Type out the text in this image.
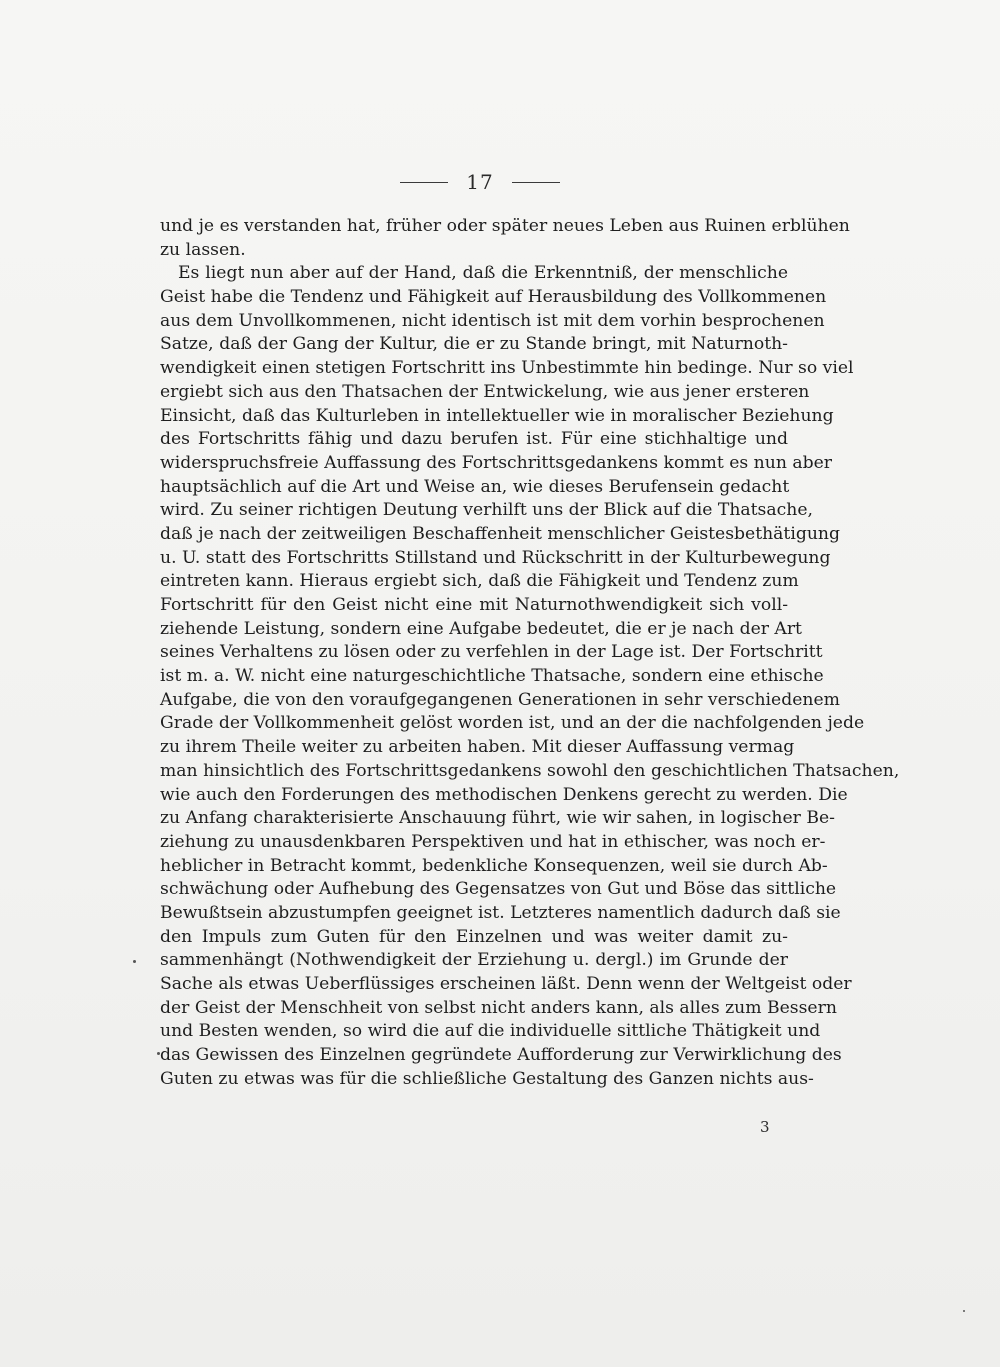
17
und je es verstanden hat, früher oder später neues Leben aus Ruinen erblühen
zu lassen.
Es liegt nun aber auf der Hand, daß die Erkenntniß, der menschliche
Geist habe die Tendenz und Fähigkeit auf Herausbildung des Vollkommenen
aus dem Unvollkommenen, nicht identisch ist mit dem vorhin besprochenen
Satze, daß der Gang der Kultur, die er zu Stande bringt, mit Naturnoth-
wendigkeit einen stetigen Fortschritt ins Unbestimmte hin bedinge. Nur so viel
ergiebt sich aus den Thatsachen der Entwickelung, wie aus jener ersteren
Einsicht, daß das Kulturleben in intellektueller wie in moralischer Beziehung
des Fortschritts fähig und dazu berufen ist. Für eine stichhaltige und
widerspruchsfreie Auffassung des Fortschrittsgedankens kommt es nun aber
hauptsächlich auf die Art und Weise an, wie dieses Berufensein gedacht
wird. Zu seiner richtigen Deutung verhilft uns der Blick auf die Thatsache,
daß je nach der zeitweiligen Beschaffenheit menschlicher Geistesbethätigung
u. U. statt des Fortschritts Stillstand und Rückschritt in der Kulturbewegung
eintreten kann. Hieraus ergiebt sich, daß die Fähigkeit und Tendenz zum
Fortschritt für den Geist nicht eine mit Naturnothwendigkeit sich voll-
ziehende Leistung, sondern eine Aufgabe bedeutet, die er je nach der Art
seines Verhaltens zu lösen oder zu verfehlen in der Lage ist. Der Fortschritt
ist m. a. W. nicht eine naturgeschichtliche Thatsache, sondern eine ethische
Aufgabe, die von den voraufgegangenen Generationen in sehr verschiedenem
Grade der Vollkommenheit gelöst worden ist, und an der die nachfolgenden jede
zu ihrem Theile weiter zu arbeiten haben. Mit dieser Auffassung vermag
man hinsichtlich des Fortschrittsgedankens sowohl den geschichtlichen Thatsachen,
wie auch den Forderungen des methodischen Denkens gerecht zu werden. Die
zu Anfang charakterisierte Anschauung führt, wie wir sahen, in logischer Be-
ziehung zu unausdenkbaren Perspektiven und hat in ethischer, was noch er-
heblicher in Betracht kommt, bedenkliche Konsequenzen, weil sie durch Ab-
schwächung oder Aufhebung des Gegensatzes von Gut und Böse das sittliche
Bewußtsein abzustumpfen geeignet ist. Letzteres namentlich dadurch daß sie
den Impuls zum Guten für den Einzelnen und was weiter damit zu-
sammenhängt (Nothwendigkeit der Erziehung u. dergl.) im Grunde der
Sache als etwas Ueberflüssiges erscheinen läßt. Denn wenn der Weltgeist oder
der Geist der Menschheit von selbst nicht anders kann, als alles zum Bessern
und Besten wenden, so wird die auf die individuelle sittliche Thätigkeit und
das Gewissen des Einzelnen gegründete Aufforderung zur Verwirklichung des
Guten zu etwas was für die schließliche Gestaltung des Ganzen nichts aus-
3
